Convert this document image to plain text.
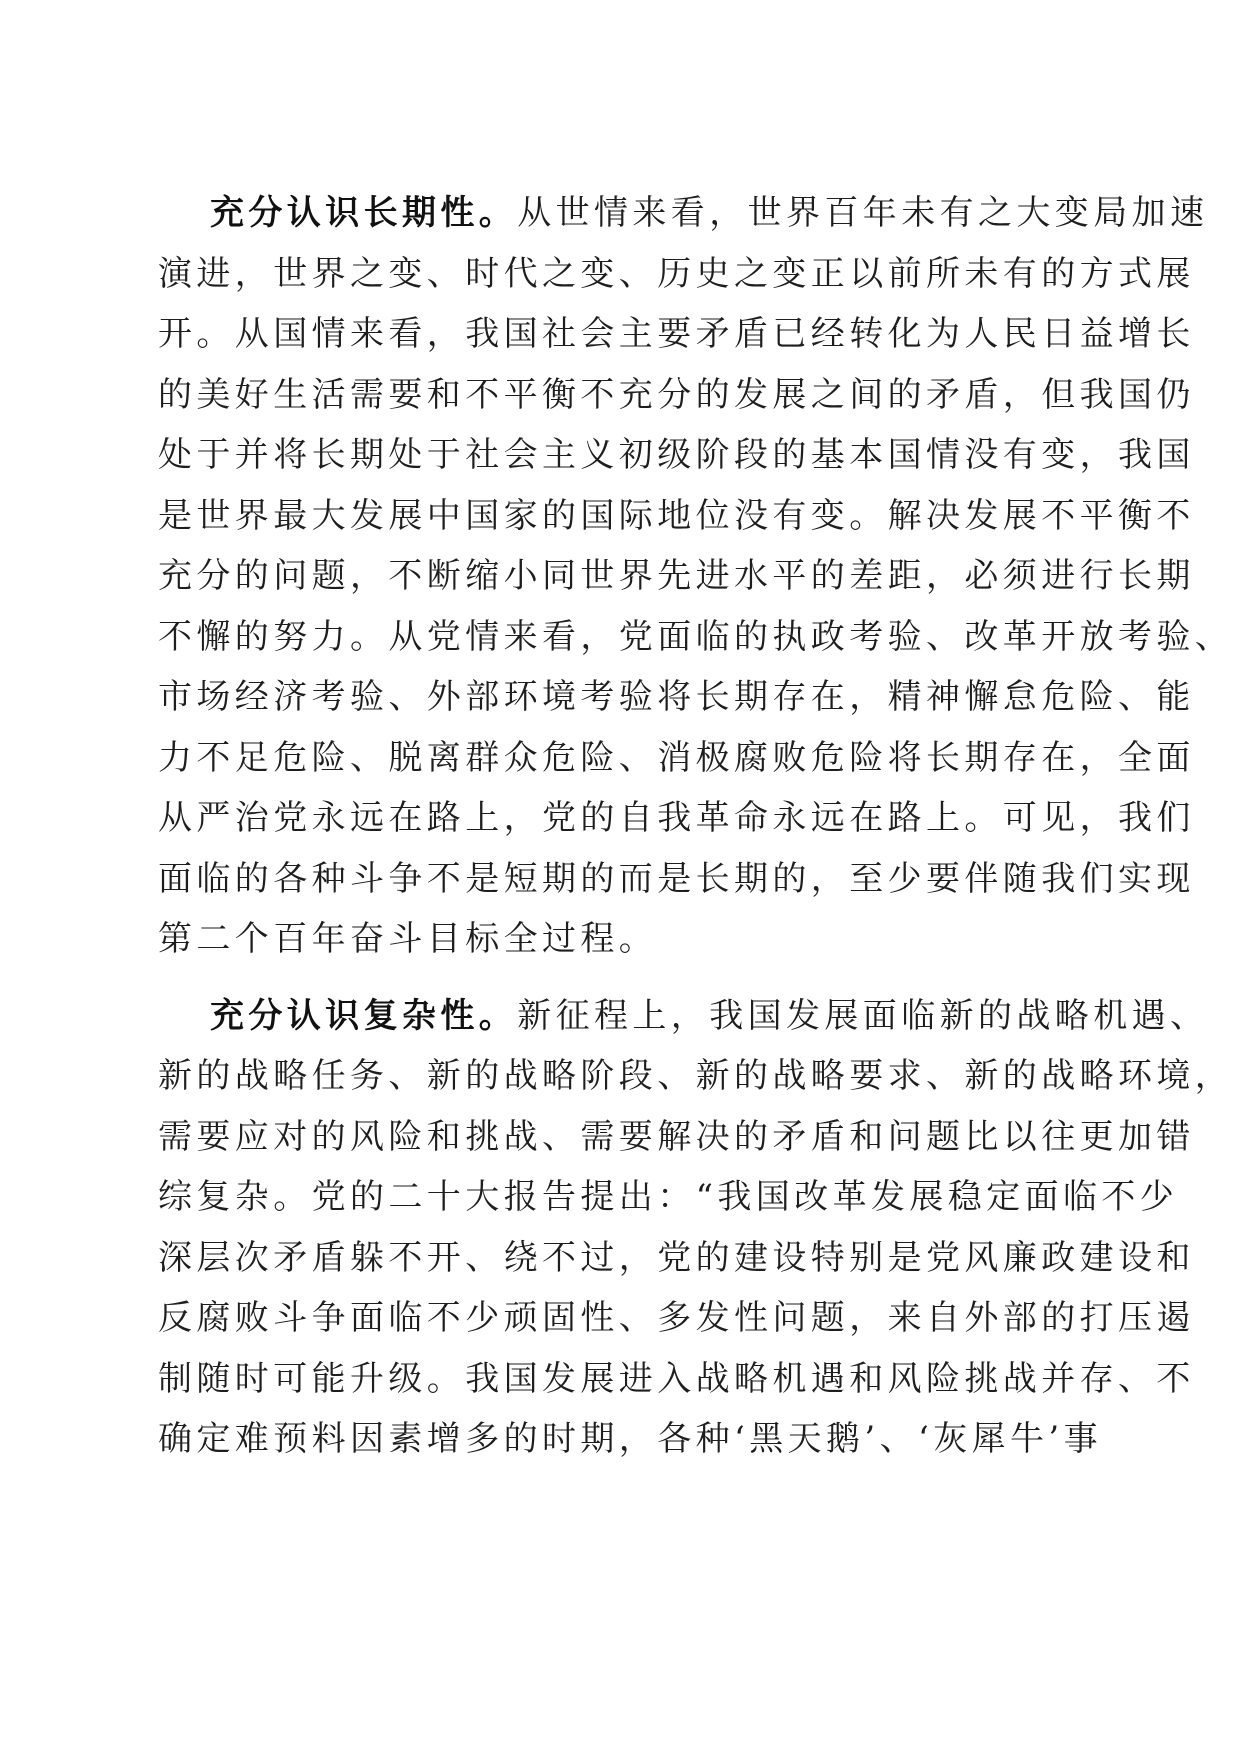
充分认识长期性。从世情来看，世界百年未有之大变局加速
演进，世界之变、时代之变、历史之变正以前所未有的方式展
开。从国情来看，我国社会主要矛盾已经转化为人民日益增长
的美好生活需要和不平衡不充分的发展之间的矛盾，但我国仍
处于并将长期处于社会主义初级阶段的基本国情没有变，我国
是世界最大发展中国家的国际地位没有变。解决发展不平衡不
充分的问题，不断缩小同世界先进水平的差距，必须进行长期
不懈的努力。从党情来看，党面临的执政考验、改革开放考验、
市场经济考验、外部环境考验将长期存在，精神懈怠危险、能
力不足危险、脱离群众危险、消极腐败危险将长期存在，全面
从严治党永远在路上，党的自我革命永远在路上。可见，我们
面临的各种斗争不是短期的而是长期的，至少要伴随我们实现
第二个百年奋斗目标全过程。
充分认识复杂性。新征程上，我国发展面临新的战略机遇、
新的战略任务、新的战略阶段、新的战略要求、新的战略环境，
需要应对的风险和挑战、需要解决的矛盾和问题比以往更加错
综复杂。党的二十大报告提出：“我国改革发展稳定面临不少
深层次矛盾躲不开、绕不过，党的建设特别是党风廉政建设和
反腐败斗争面临不少顽固性、多发性问题，来自外部的打压遏
制随时可能升级。我国发展进入战略机遇和风险挑战并存、不
确定难预料因素增多的时期，各种‘黑天鹅’、‘灰犀牛’事
